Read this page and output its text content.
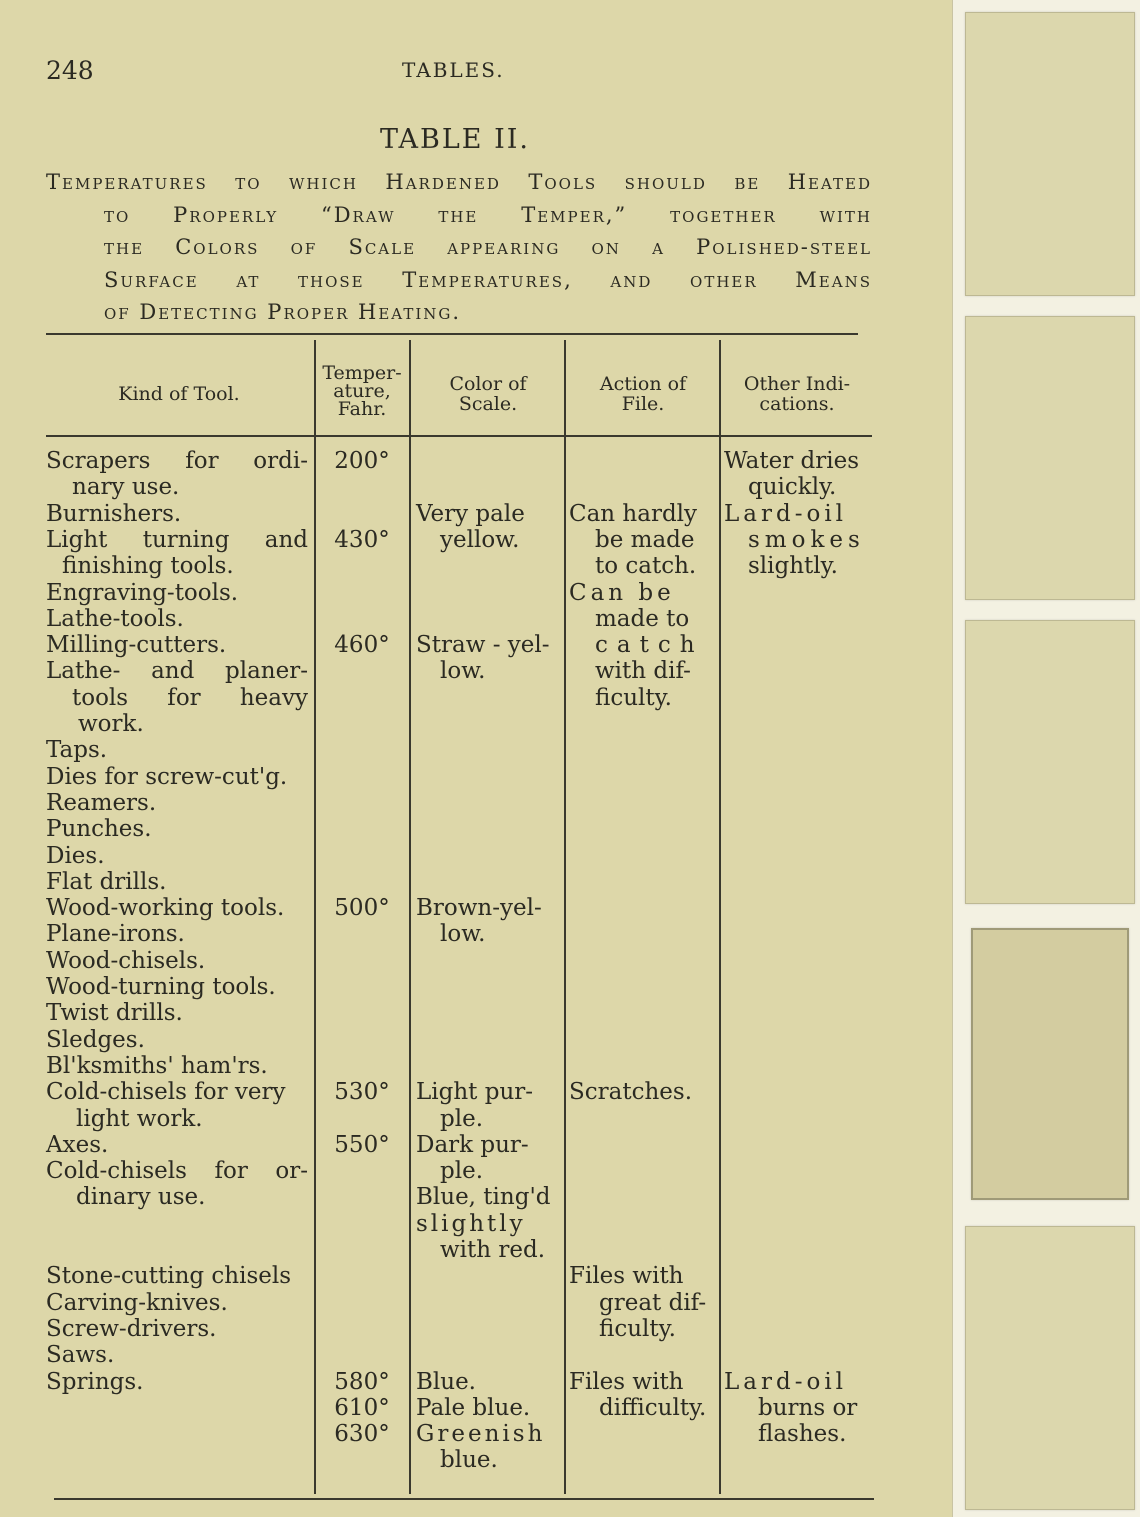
248	TABLES.
TABLE II.
Temperatures to which Hardened Tools should be Heated
to Properly “Draw the Temper,” together with
the Colors of Scale appearing on a Polished-steel
Surface at those Temperatures, and other Means
of Detecting Proper Heating.
Kind of Tool.
Temper-
ature,
Fahr.
Color of
Scale.
Action of
File.
Other Indi-
cations.
Scrapers for ordi-
nary use.
Burnishers.
Light turning and
finishing tools.
Engraving-tools.
Lathe-tools.
Milling-cutters.
Lathe- and planer-
tools for heavy
work.
Taps.
Dies for screw-cut'g.
Reamers.
Punches.
Dies.
Flat drills.
Wood-working tools.
Plane-irons.
Wood-chisels.
Wood-turning tools.
Twist drills.
Sledges.
Bl'ksmiths' ham'rs.
Cold-chisels for very
light work.
Axes.
Cold-chisels for or-
dinary use.
Stone-cutting chisels
Carving-knives.
Screw-drivers.
Saws.
Springs.
200°
430°
460°
500°
530°
550°
580°
610°
630°
Very pale
yellow.
Straw - yel-
low.
Brown-yel-
low.
Light pur-
ple.
Dark pur-
ple.
Blue, ting'd
slightly
with red.
Blue.
Pale blue.
Greenish
blue.
Can hardly
be made
to catch.
Can be
made to
catch
with dif-
ficulty.
Scratches.
Files with
great dif-
ficulty.
Files with
difficulty.
Water dries
quickly.
Lard-oil
smokes
slightly.
Lard-oil
burns or
flashes.
